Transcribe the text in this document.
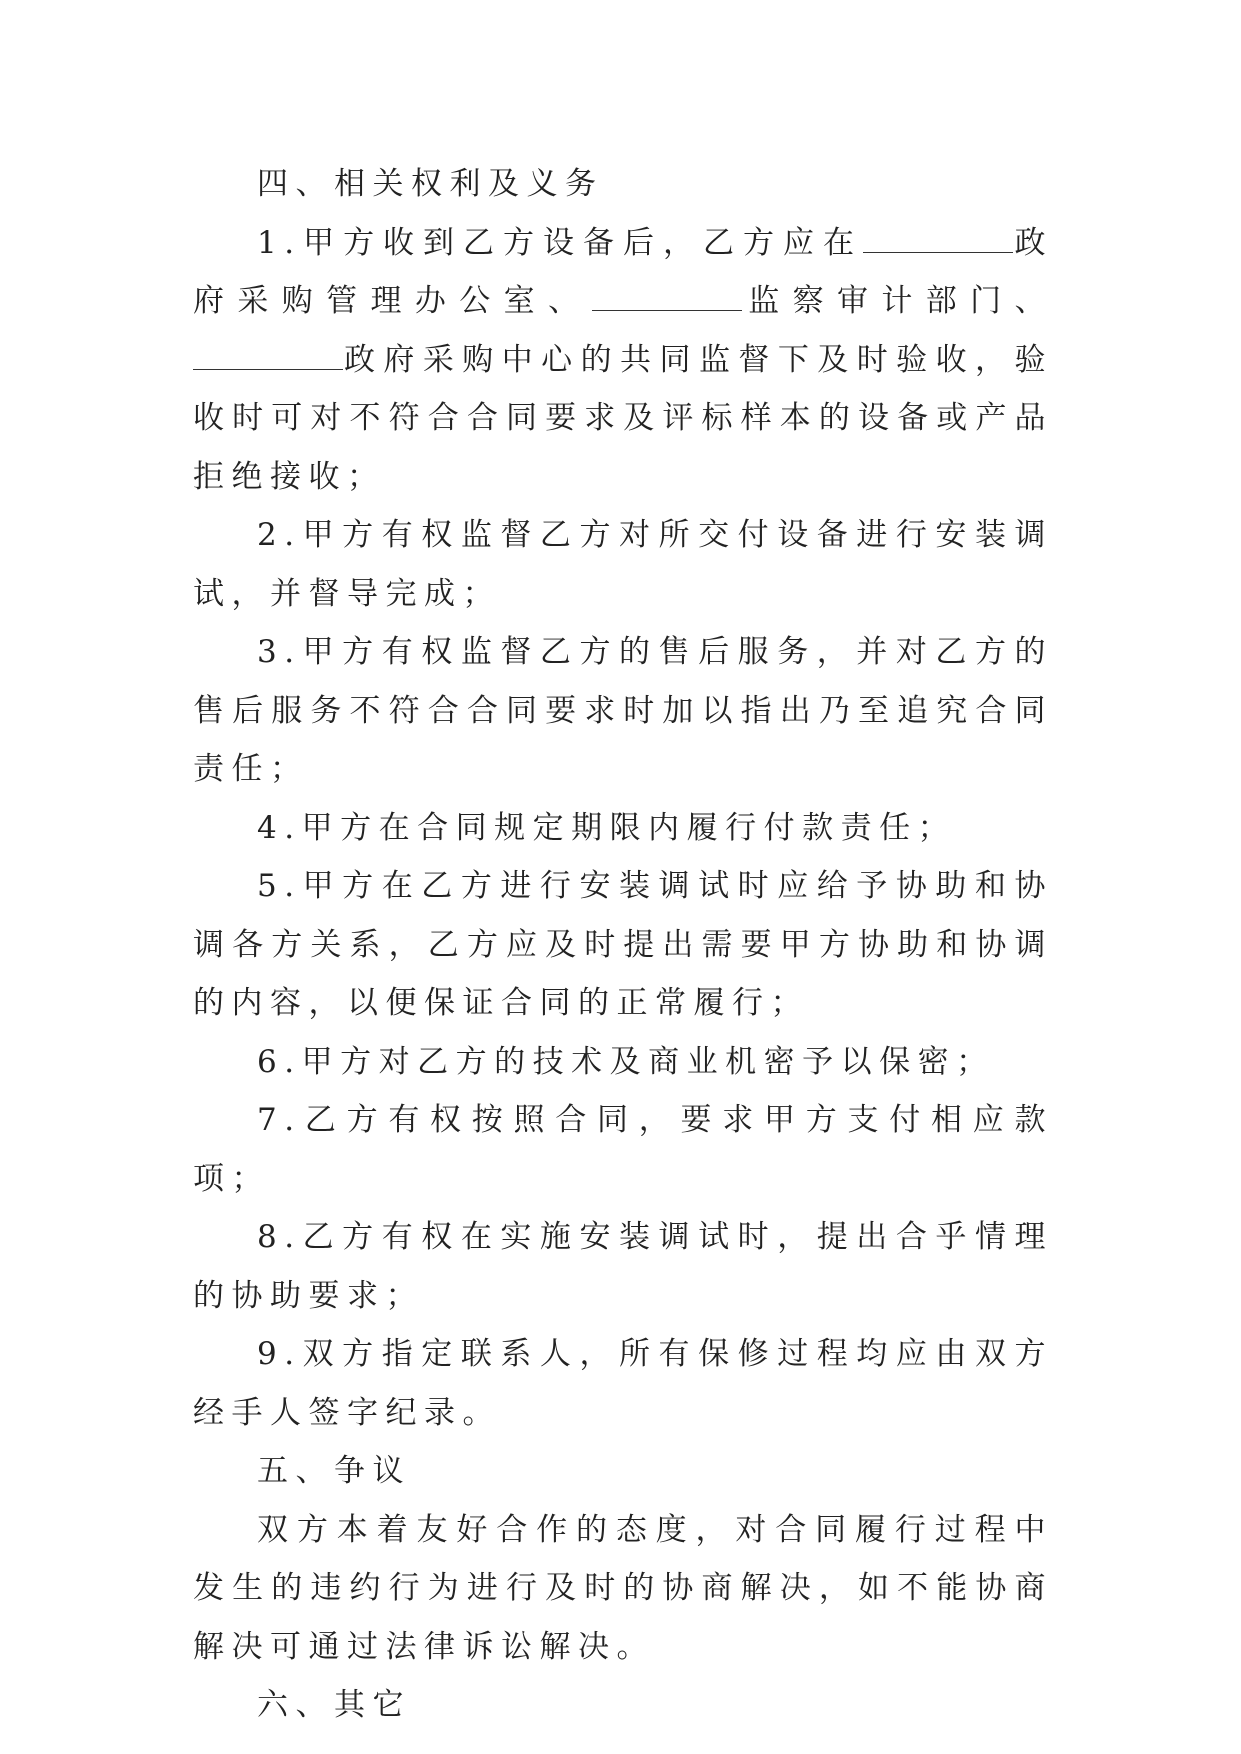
四、相关权利及义务

1.甲方收到乙方设备后，乙方应在	政府采购管理办公室、	监察审计部门、政府采购中心的共同监督下及时验收，验收时可对不符合合同要求及评标样本的设备或产品拒绝接收；

2.甲方有权监督乙方对所交付设备进行安装调试，并督导完成；

3.甲方有权监督乙方的售后服务，并对乙方的售后服务不符合合同要求时加以指出乃至追究合同责任；

4.甲方在合同规定期限内履行付款责任；

5.甲方在乙方进行安装调试时应给予协助和协调各方关系，乙方应及时提出需要甲方协助和协调的内容，以便保证合同的正常履行；

6.甲方对乙方的技术及商业机密予以保密；

7.乙方有权按照合同，要求甲方支付相应款项；

8.乙方有权在实施安装调试时，提出合乎情理的协助要求；

9.双方指定联系人，所有保修过程均应由双方经手人签字纪录。

五、争议

双方本着友好合作的态度，对合同履行过程中发生的违约行为进行及时的协商解决，如不能协商解决可通过法律诉讼解决。

六、其它
